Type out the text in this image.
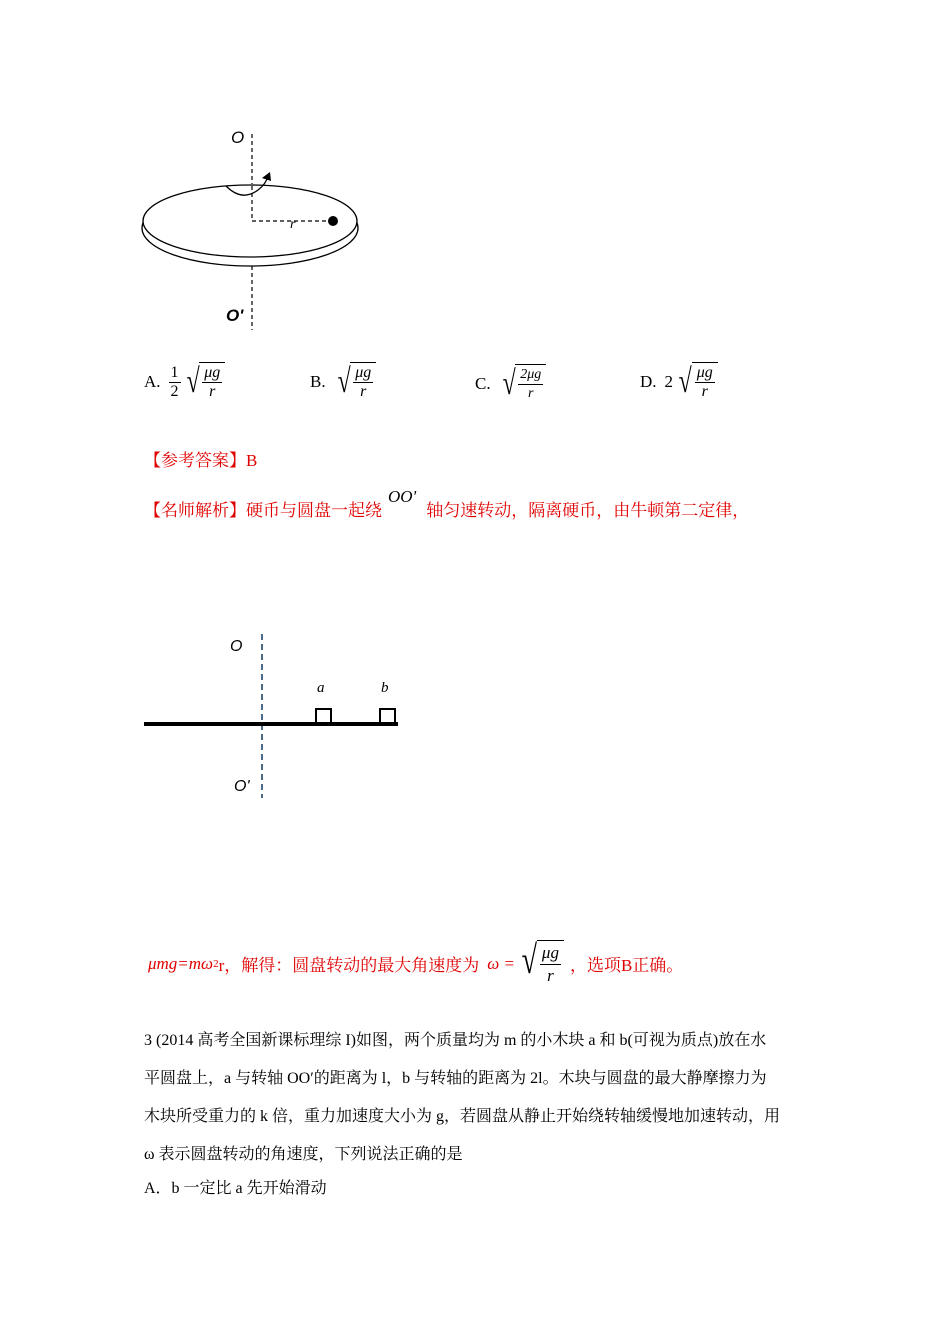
O
r
O'
A. $\frac{1}{2}$ √ $\frac{\mu g}{r}$	B. √ $\frac{\mu g}{r}$	C. √ $\frac{2\mu g}{r}$	D. 2 √ $\frac{\mu g}{r}$
【参考答案】B
【名师解析】硬币与圆盘一起绕OO'轴匀速转动，隔离硬币，由牛顿第二定律，
O
a	b
O'
μmg=mω 2 r，解得：圆盘转动的最大角速度为 ω = √ $\frac{\mu g}{r}$ ，选项B正确。
3 (2014 高考全国新课标理综 I)如图，两个质量均为 m 的小木块 a 和 b(可视为质点)放在水
平圆盘上，a 与转轴 OO′的距离为 l，b 与转轴的距离为 2l。木块与圆盘的最大静摩擦力为
木块所受重力的 k 倍，重力加速度大小为 g，若圆盘从静止开始绕转轴缓慢地加速转动，用
ω 表示圆盘转动的角速度，下列说法正确的是
A．b 一定比 a 先开始滑动
